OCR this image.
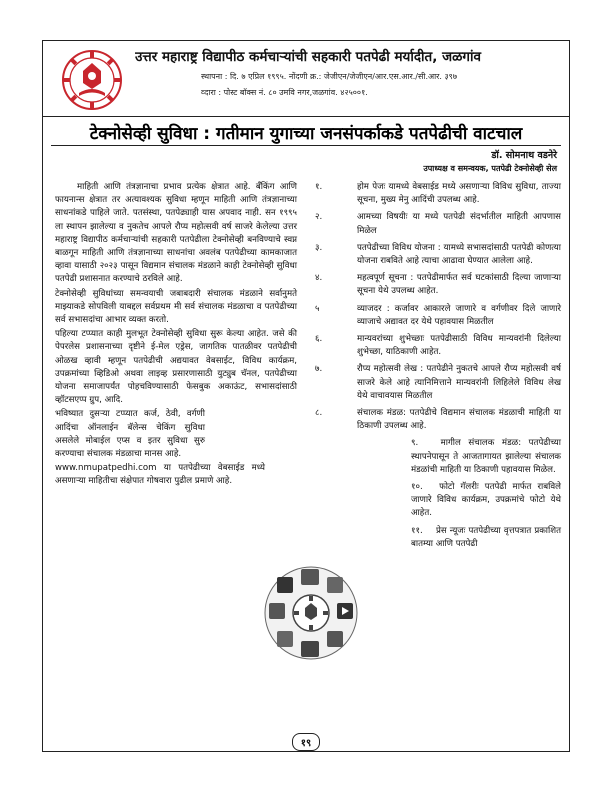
उत्तर महाराष्ट्र विद्यापीठ कर्मचाऱ्यांची सहकारी पतपेढी मर्यादीत, जळगांव
स्थापना : दि. ७ एप्रिल १९९५. नोंदणी क्र.: जेजीएन/जेजीएन/आर.एस.आर./सी.आर. ३९७
व्दारा : पोस्ट बॉक्स नं. ८० उमवि नगर,जळगांव. ४२५००१.
टेक्नोसेव्ही सुविधा : गतीमान युगाच्या जनसंपर्काकडे पतपेढीची वाटचाल
डॉ. सोमनाथ वडनेरे
उपाध्यक्ष व समन्वयक, पतपेढी टेक्नोसेव्ही सेल

माहिती आणि तंत्रज्ञानाचा प्रभाव प्रत्येक क्षेत्रात आहे. बँकिंग आणि फायनान्स क्षेत्रात तर अत्यावश्यक सुविधा म्हणून माहिती आणि तंत्रज्ञानाच्या साधनांकडे पाहिले जाते. पतसंस्था, पतपेढ्याही यास अपवाद नाही. सन १९९५ ला स्थापन झालेल्या व नुकतेच आपले रौप्य महोत्सवी वर्ष साजरे केलेल्या उत्तर महाराष्ट्र विद्यापीठ कर्मचाऱ्यांची सहकारी पतपेढीला टेक्नोसेव्ही बनविण्याचे स्वप्न बाळगून माहिती आणि तंत्रज्ञानाच्या साधनांचा अवलंब पतपेढीच्या कामकाजात व्हावा यासाठी २०२३ पासून विद्यमान संचालक मंडळाने काही टेक्नोसेव्ही सुविधा पतपेढी प्रशासनात करण्याचे ठरविले आहे.

टेक्नोसेव्ही सुविधांच्या समन्वयाची जबाबदारी संचालक मंडळाने सर्वानुमते माझ्याकडे सोपविली याबद्दल सर्वप्रथम मी सर्व संचालक मंडळाचा व पतपेढीच्या सर्व सभासदांचा आभार व्यक्त करतो.

पहिल्या टप्प्यात काही मुलभूत टेक्नोसेव्ही सुविधा सुरू केल्या आहेत. जसे की पेपरलेस प्रशासनाच्या दृष्टीने ई-मेल एड्रेस, जागतिक पातळीवर पतपेढीची ओळख व्हावी म्हणून पतपेढीची अद्ययावत वेबसाईट, विविध कार्यक्रम, उपक्रमांच्या व्हिडिओ अथवा लाइव्ह प्रसारणासाठी युट्युब चॅनल, पतपेढीच्या योजना समाजापर्यंत पोहचविण्यासाठी फेसबुक अकाऊंट, सभासदांसाठी व्हॉटसएप्प ग्रुप, आदि.

भविष्यात दुसऱ्या टप्प्यात कर्ज, ठेवी, वर्गणी आदिंचा ऑनलाईन बॅलेन्स चेकिंग सुविधा असलेले मोबाईल एप्स व इतर सुविधा सुरु करण्याचा संचालक मंडळाचा मानस आहे.

www.nmupatpedhi.com या पतपेढीच्या वेबसाईड मध्ये असणाऱ्या माहितीचा संक्षेपात गोषवारा पुढील प्रमाणे आहे.

१.	होम पेजः यामध्ये वेबसाईड मध्ये असणाऱ्या विविध सुविधा, ताज्या सूचना, मुख्य मेनु आदिंची उपलब्ध आहे.
२.	आमच्या विषयीः या मध्ये पतपेढी संदर्भातील माहिती आपणास मिळेल
३.	पतपेढीच्या विविध योजना : यामध्ये सभासदांसाठी पतपेढी कोणत्या योजना राबविते आहे त्याचा आढावा घेण्यात आलेला आहे.
४.	महत्वपूर्ण सूचना : पतपेढीमार्फत सर्व घटकांसाठी दिल्या जाणाऱ्या सूचना येथे उपलब्ध आहेत.
५	व्याजदर : कर्जावर आकारले जाणारे व वर्गणीवर दिले जाणारे व्याजाचे अद्यावत दर येथे पहावयास मिळतील
६.	मान्यवरांच्या शुभेच्छाः पतपेढीसाठी विविध मान्यवरांनी दिलेल्या शुभेच्छा, याठिकाणी आहेत.
७.	रौप्य महोत्सवी लेख : पतपेढीने नुकतचे आपले रौप्य महोत्सवी वर्ष साजरे केले आहे त्यानिमित्ताने मान्यवरांनी लिहिलेले विविध लेख येथे वाचावयास मिळतील
८.	संचालक मंडळ: पतपेढीचे विद्यमान संचालक मंडळाची माहिती या ठिकाणी उपलब्ध आहे.
९.	मागील संचालक मंडळ: पतपेढीच्या स्थापनेपासून ते आजतागायत झालेल्या संचालक मंडळांची माहिती या ठिकाणी पहावयास मिळेल.
१०. फोटो गॅलरीः पतपेढी मार्फत राबविले जाणारे विविध कार्यक्रम, उपक्रमांचे फोटो येथे आहेत.
११. प्रेस न्यूजः पतपेढीच्या वृत्तपत्रात प्रकाशित बातम्या आणि पतपेढी
१९
